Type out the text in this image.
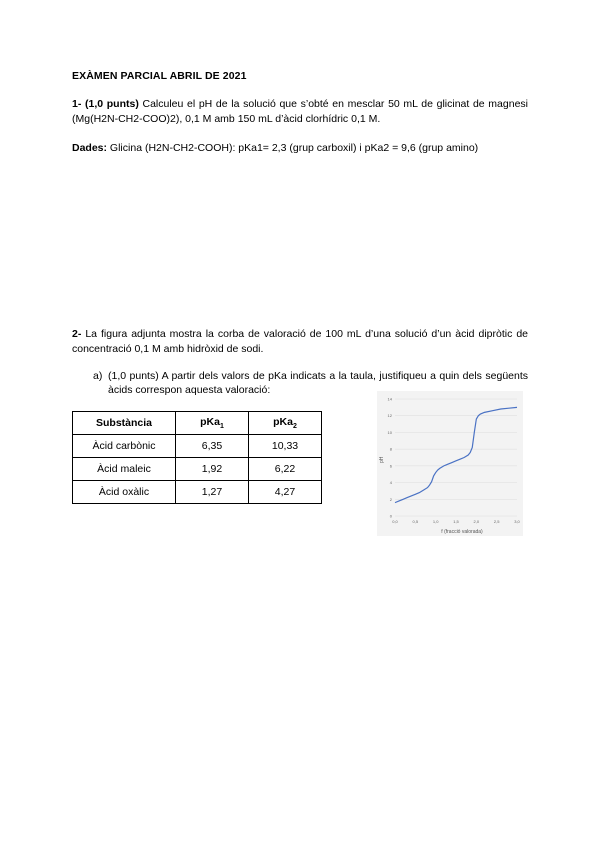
EXÀMEN PARCIAL ABRIL DE 2021
1- (1,0 punts) Calculeu el pH de la solució que s’obté en mesclar 50 mL de glicinat de magnesi (Mg(H2N-CH2-COO)2), 0,1 M amb 150 mL d’àcid clorhídric 0,1 M.
Dades: Glicina (H2N-CH2-COOH): pKa1= 2,3 (grup carboxil) i pKa2 = 9,6 (grup amino)
2- La figura adjunta mostra la corba de valoració de 100 mL d’una solució d’un àcid dipròtic de concentració 0,1 M amb hidròxid de sodi.
a) (1,0 punts) A partir dels valors de pKa indicats a la taula, justifiqueu a quin dels següents àcids correspon aquesta valoració:
Substància	pKa$_1$	pKa$_2$
Àcid carbònic	6,35	10,33
Àcid maleic	1,92	6,22
Àcid oxàlic	1,27	4,27
0
2
4
6
8
10
12
14
0,0	0,5	1,0	1,5	2,0	2,5	3,0
pH
f (fracció valorada)
